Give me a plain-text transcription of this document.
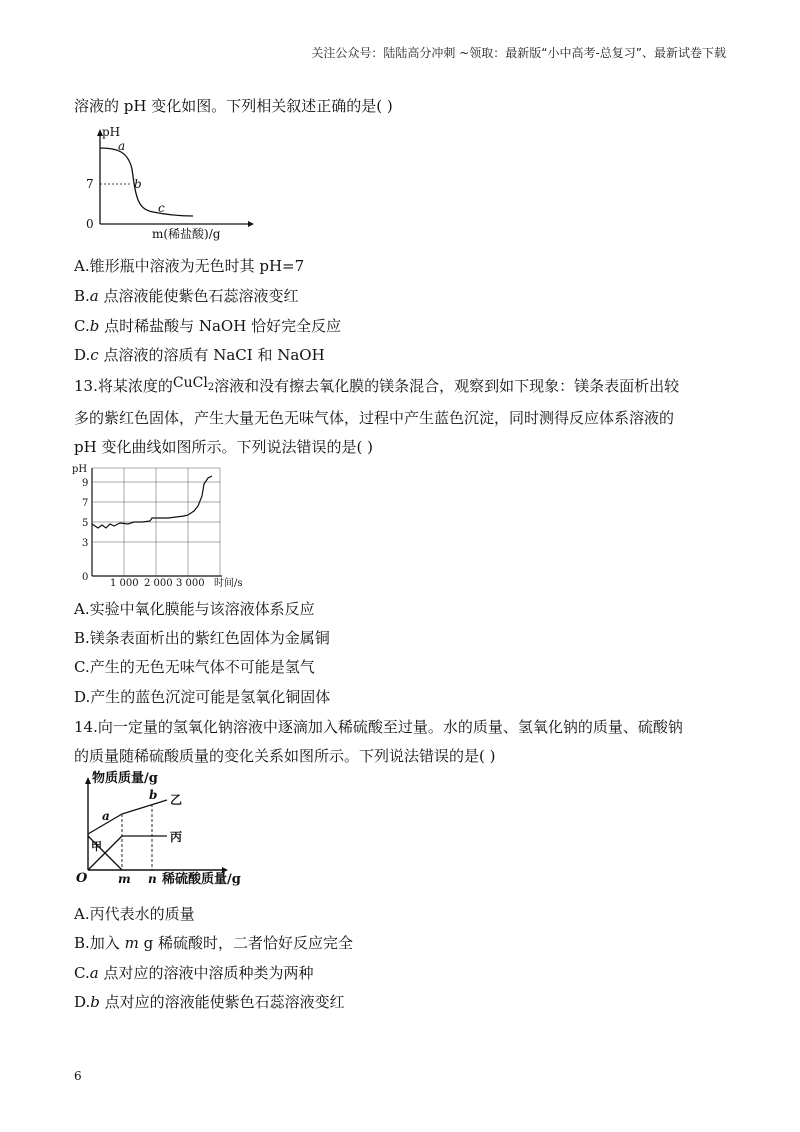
关注公众号：陆陆高分冲刺 ~领取：最新版“小中高考-总复习”、最新试卷下载
溶液的 pH 变化如图。下列相关叙述正确的是( )
pH
7
0
a
b
c
m(稀盐酸)/g
A.锥形瓶中溶液为无色时其 pH=7
B.a 点溶液能使紫色石蕊溶液变红
C.b 点时稀盐酸与 NaOH 恰好完全反应
D.c 点溶液的溶质有 NaCI 和 NaOH
13.将某浓度的CuCl$_2$溶液和没有擦去氧化膜的镁条混合，观察到如下现象：镁条表面析出较
多的紫红色固体，产生大量无色无味气体，过程中产生蓝色沉淀，同时测得反应体系溶液的
pH 变化曲线如图所示。下列说法错误的是( )
pH
9
7
5
3
0
1 000 2 000 3 000 时间/s
A.实验中氧化膜能与该溶液体系反应
B.镁条表面析出的紫红色固体为金属铜
C.产生的无色无味气体不可能是氢气
D.产生的蓝色沉淀可能是氢氧化铜固体
14.向一定量的氢氧化钠溶液中逐滴加入稀硫酸至过量。水的质量、氢氧化钠的质量、硫酸钠
的质量随稀硫酸质量的变化关系如图所示。下列说法错误的是( )
物质质量/g
O	m n 稀硫酸质量/g
a
b 乙
丙
甲
A.丙代表水的质量
B.加入 m g 稀硫酸时，二者恰好反应完全
C.a 点对应的溶液中溶质种类为两种
D.b 点对应的溶液能使紫色石蕊溶液变红
6
